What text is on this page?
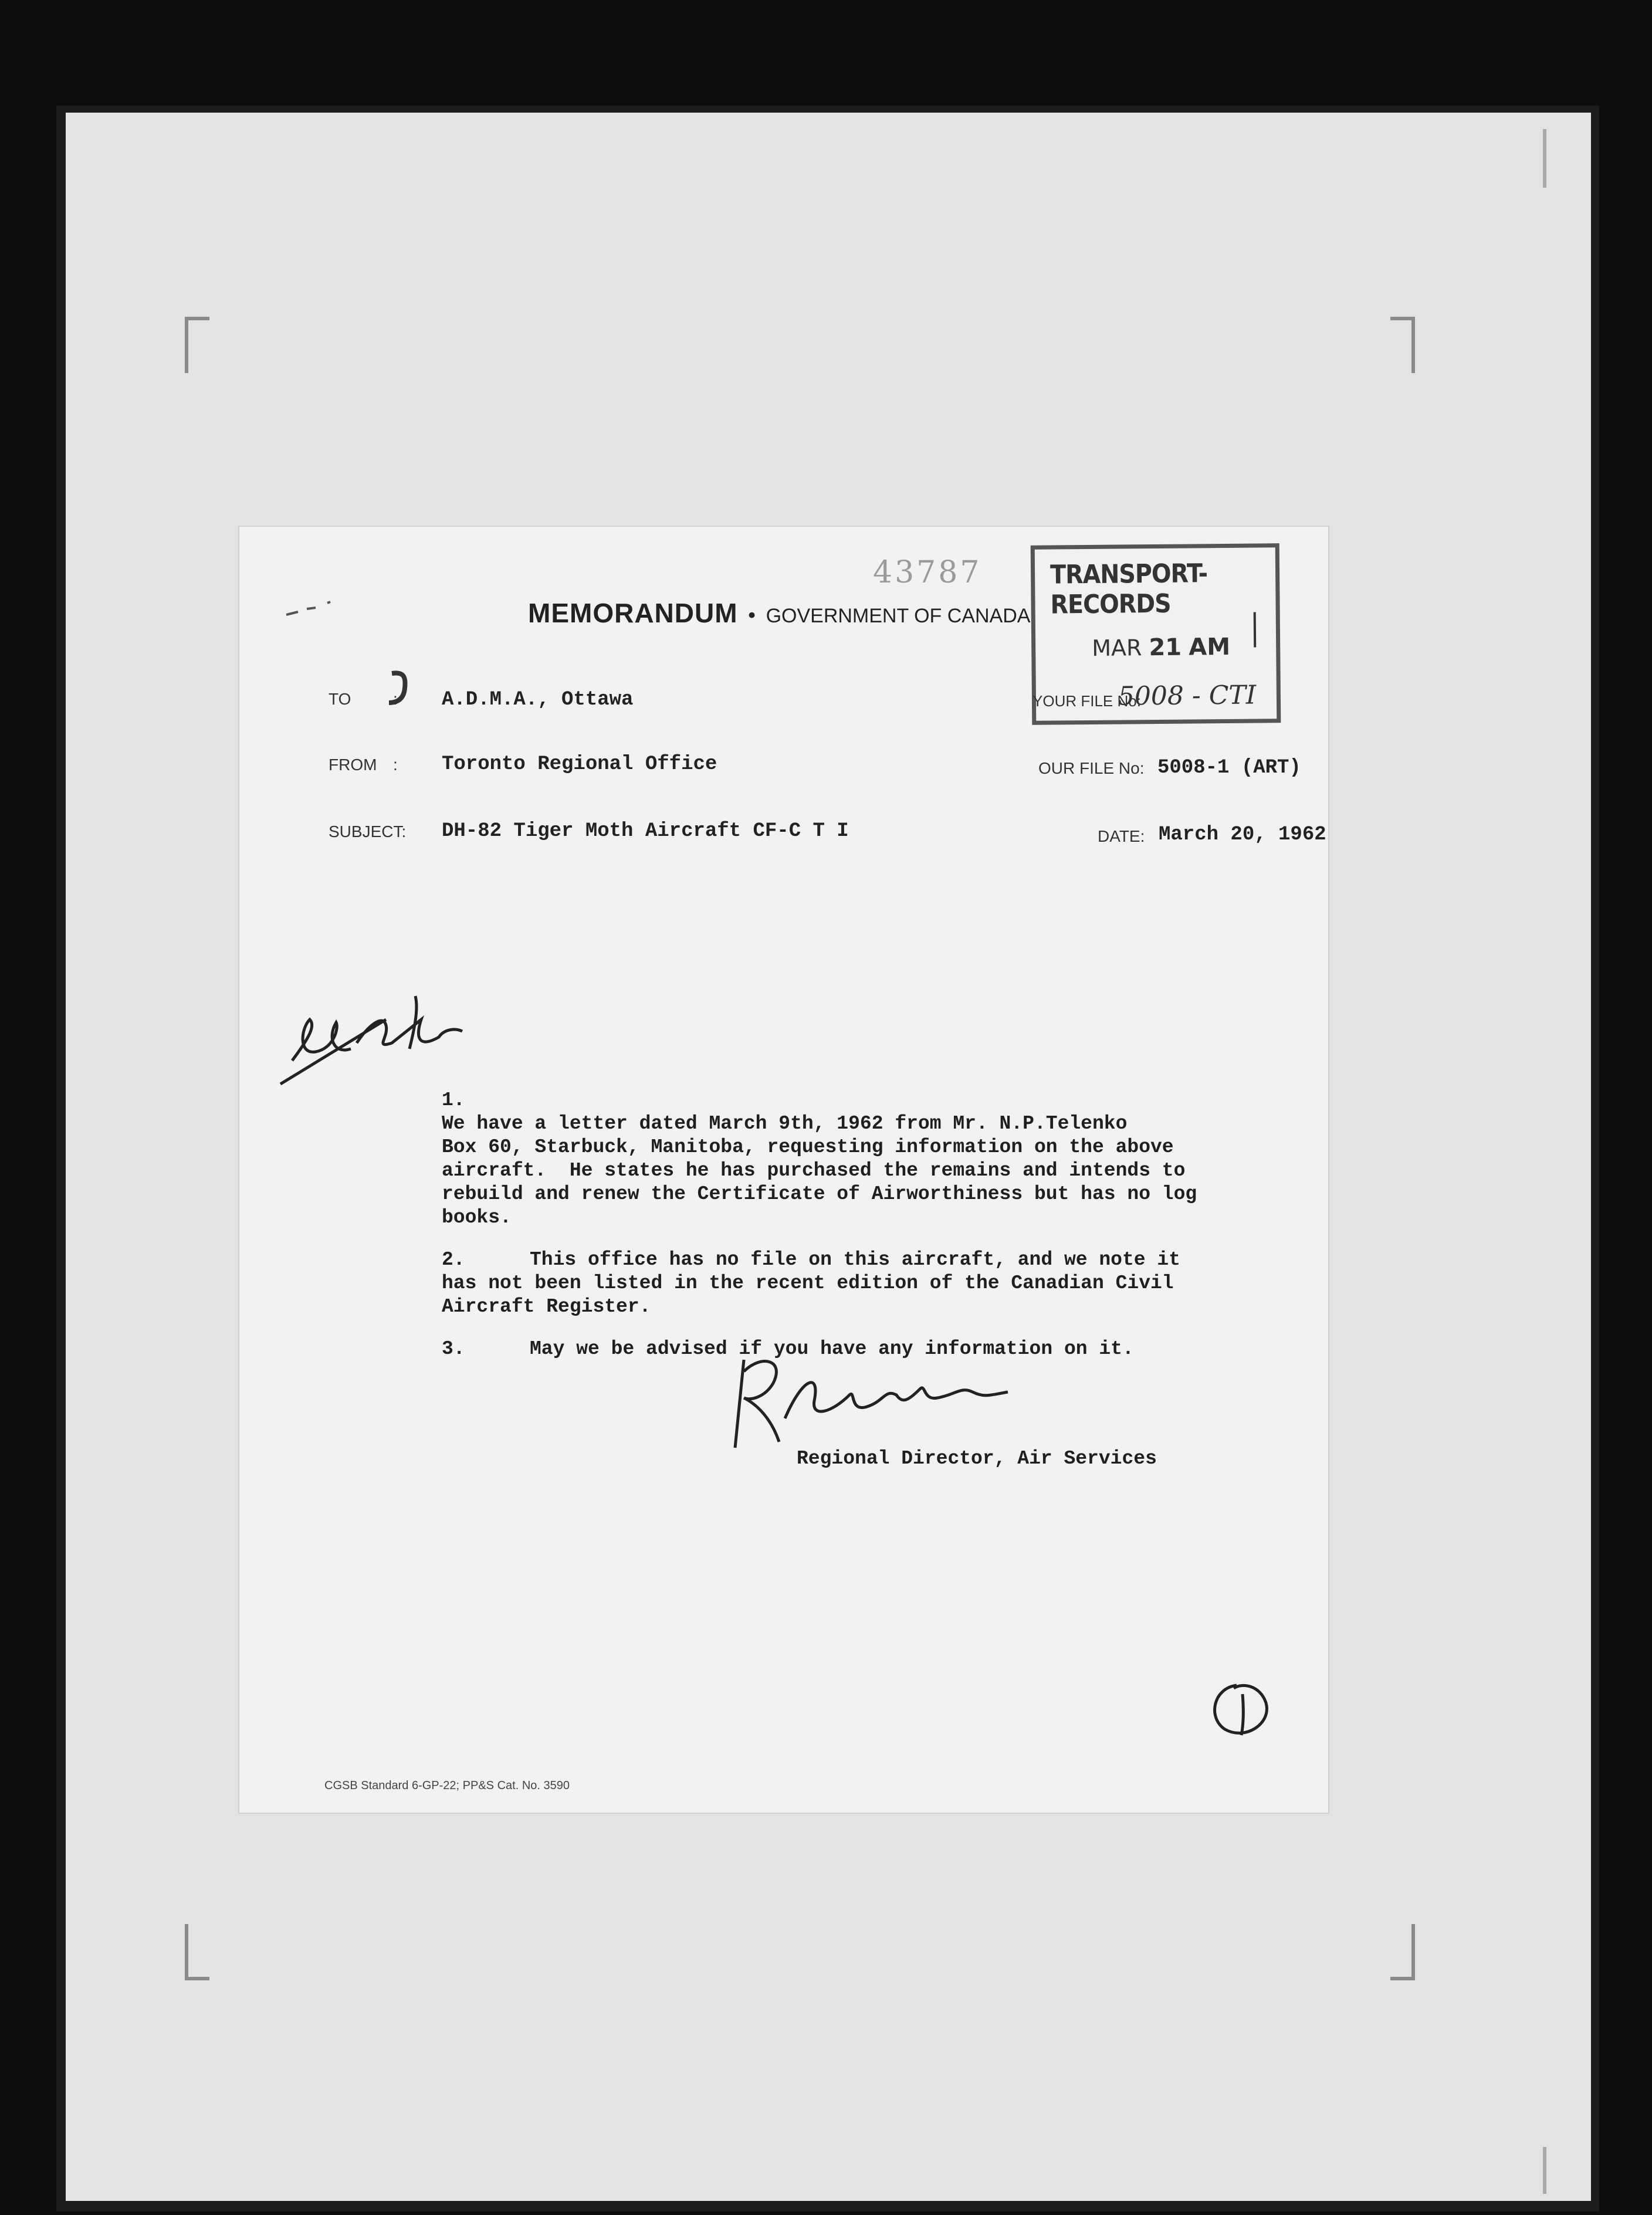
43787
MEMORANDUM • GOVERNMENT OF CANADA
TRANSPORT-RECORDS
MAR 21 AM
5008 - CTI
TO	: A.D.M.A., Ottawa	YOUR FILE No:
FROM : Toronto Regional Office	OUR FILE No: 5008-1 (ART)
SUBJECT: DH-82 Tiger Moth Aircraft CF-C T I	DATE: March 20, 1962
1.We have a letter dated March 9th, 1962 from Mr. N.P.Telenko
Box 60, Starbuck, Manitoba, requesting information on the above
aircraft.  He states he has purchased the remains and intends to
rebuild and renew the Certificate of Airworthiness but has no log
books.
2.	This office has no file on this aircraft, and we note it
has not been listed in the recent edition of the Canadian Civil
Aircraft Register.
3.	May we be advised if you have any information on it.
Regional Director, Air Services
CGSB Standard 6-GP-22; PP&S Cat. No. 3590
